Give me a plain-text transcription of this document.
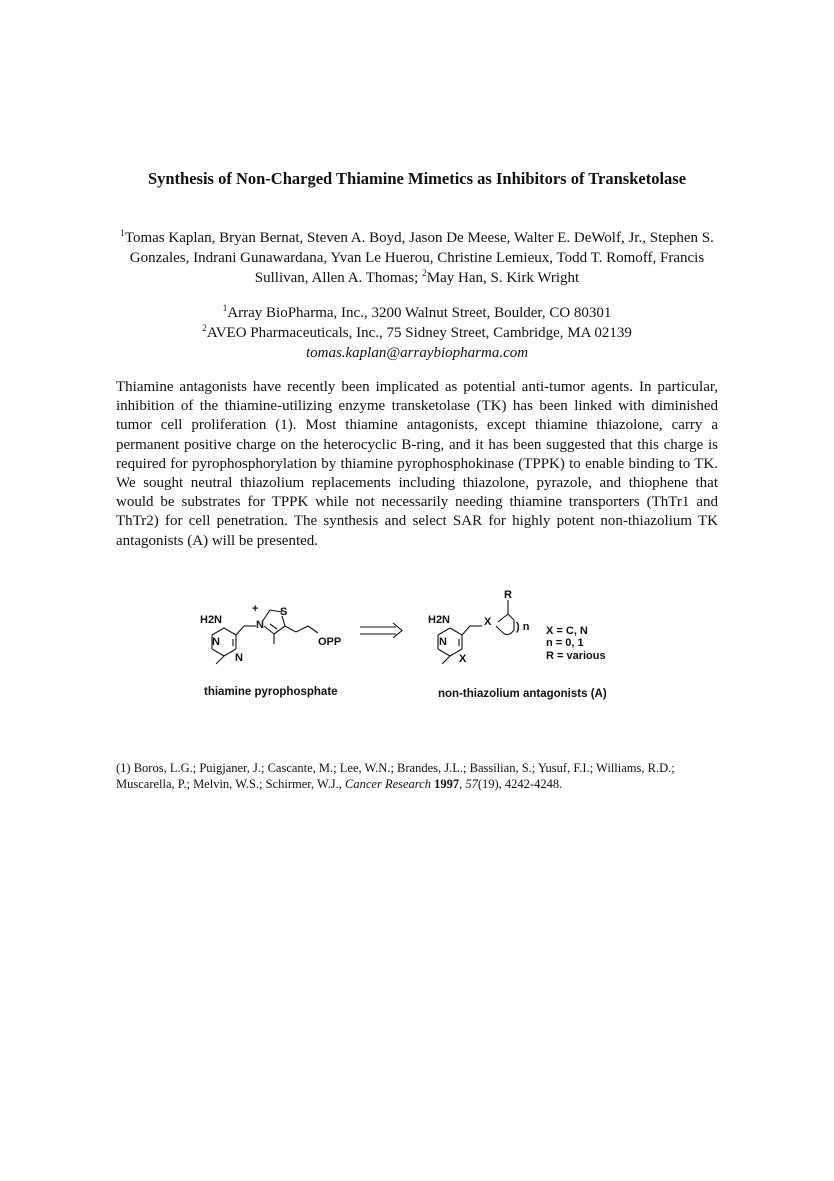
Synthesis of Non-Charged Thiamine Mimetics as Inhibitors of Transketolase
$^1$Tomas Kaplan, Bryan Bernat, Steven A. Boyd, Jason De Meese, Walter E. DeWolf, Jr., Stephen S. Gonzales, Indrani Gunawardana, Yvan Le Huerou, Christine Lemieux, Todd T. Romoff, Francis Sullivan, Allen A. Thomas; $^2$May Han, S. Kirk Wright
$^1$Array BioPharma, Inc., 3200 Walnut Street, Boulder, CO 80301
$^2$AVEO Pharmaceuticals, Inc., 75 Sidney Street, Cambridge, MA 02139
tomas.kaplan@arraybiopharma.com
Thiamine antagonists have recently been implicated as potential anti-tumor agents. In particular, inhibition of the thiamine-utilizing enzyme transketolase (TK) has been linked with diminished tumor cell proliferation (1). Most thiamine antagonists, except thiamine thiazolone, carry a permanent positive charge on the heterocyclic B-ring, and it has been suggested that this charge is required for pyrophosphorylation by thiamine pyrophosphokinase (TPPK) to enable binding to TK. We sought neutral thiazolium replacements including thiazolone, pyrazole, and thiophene that would be substrates for TPPK while not necessarily needing thiamine transporters (ThTr1 and ThTr2) for cell penetration. The synthesis and select SAR for highly potent non-thiazolium TK antagonists (A) will be presented.
H2N
N
N
N
+ S
OPP
thiamine pyrophosphate
H2N
N
X
X
R
) n X = C, N
n = 0, 1
R = various
non-thiazolium antagonists (A)
(1) Boros, L.G.; Puigjaner, J.; Cascante, M.; Lee, W.N.; Brandes, J.L.; Bassilian, S.; Yusuf, F.I.; Williams, R.D.; Muscarella, P.; Melvin, W.S.; Schirmer, W.J., Cancer Research 1997, 57(19), 4242-4248.
